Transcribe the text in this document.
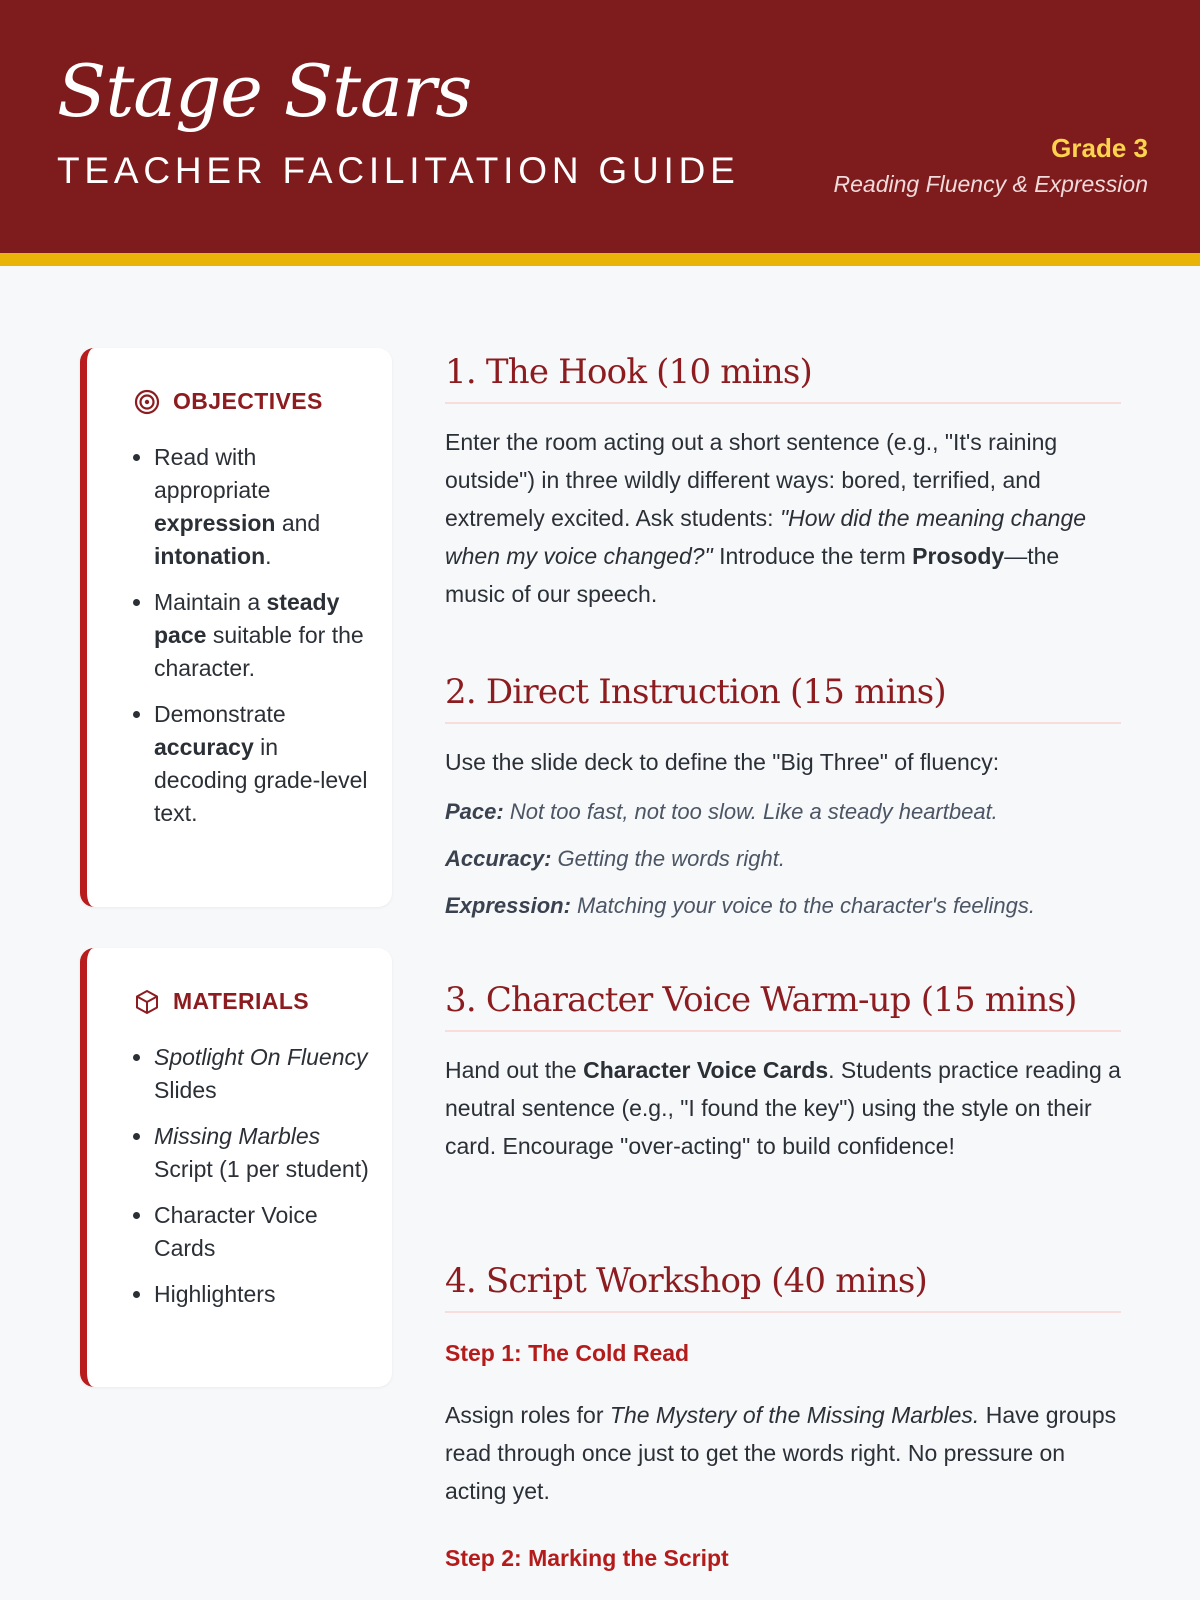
Stage Stars
TEACHER FACILITATION GUIDE
Grade 3
Reading Fluency & Expression
OBJECTIVES
• Read with appropriate expression and intonation.
• Maintain a steady pace suitable for the character.
• Demonstrate accuracy in decoding grade-level text.
MATERIALS
• Spotlight On Fluency Slides
• Missing Marbles Script (1 per student)
• Character Voice Cards
• Highlighters
1. The Hook (10 mins)

Enter the room acting out a short sentence (e.g., "It's raining outside") in three wildly different ways: bored, terrified, and extremely excited. Ask students: "How did the meaning change when my voice changed?" Introduce the term Prosody—the music of our speech.

2. Direct Instruction (15 mins)

Use the slide deck to define the "Big Three" of fluency:

Pace: Not too fast, not too slow. Like a steady heartbeat.
Accuracy: Getting the words right.
Expression: Matching your voice to the character's feelings.
3. Character Voice Warm-up (15 mins)

Hand out the Character Voice Cards. Students practice reading a neutral sentence (e.g., "I found the key") using the style on their card. Encourage "over-acting" to build confidence!

4. Script Workshop (40 mins)
Step 1: The Cold Read

Assign roles for The Mystery of the Missing Marbles. Have groups read through once just to get the words right. No pressure on acting yet.

Step 2: Marking the Script
